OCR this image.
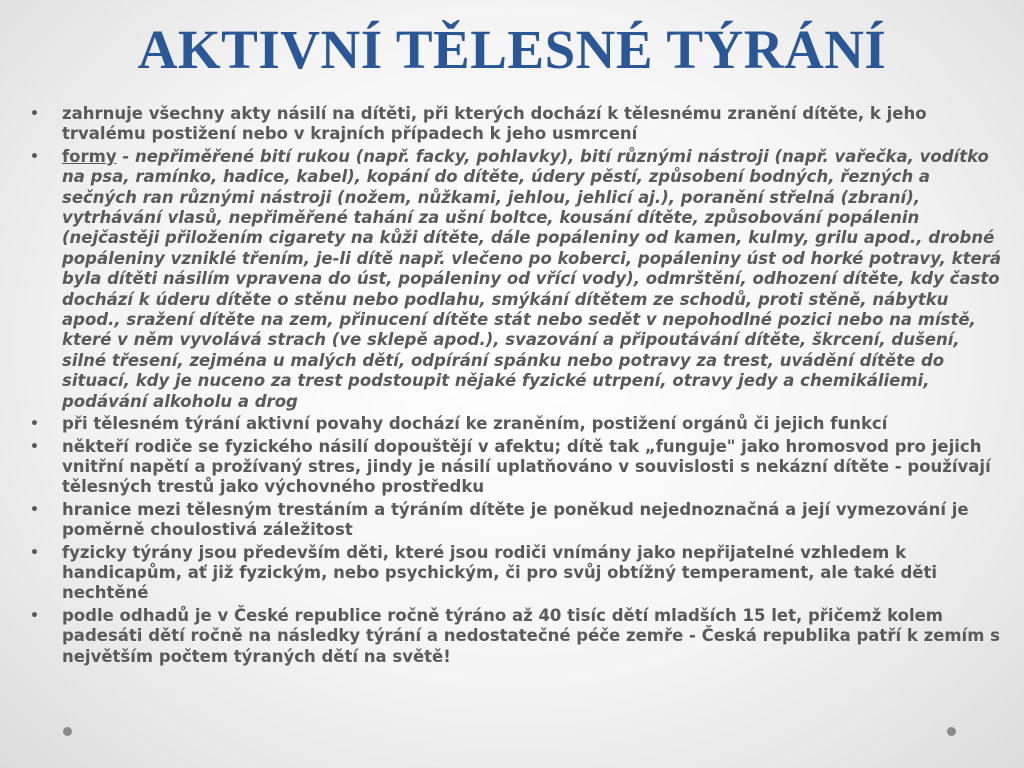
AKTIVNÍ TĚLESNÉ TÝRÁNÍ
• zahrnuje všechny akty násilí na dítěti, při kterých dochází k tělesnému zranění dítěte, k jeho trvalému postižení nebo v krajních případech k jeho usmrcení
• formy - nepřiměřené bití rukou (např. facky, pohlavky), bití různými nástroji (např. vařečka, vodítko na psa, ramínko, hadice, kabel), kopání do dítěte, údery pěstí, způsobení bodných, řezných a sečných ran různými nástroji (nožem, nůžkami, jehlou, jehlicí aj.), poranění střelná (zbraní), vytrhávání vlasů, nepřiměřené tahání za ušní boltce, kousání dítěte, způsobování popálenin (nejčastěji přiložením cigarety na kůži dítěte, dále popáleniny od kamen, kulmy, grilu apod., drobné popáleniny vzniklé třením, je-li dítě např. vlečeno po koberci, popáleniny úst od horké potravy, která byla dítěti násilím vpravena do úst, popáleniny od vřící vody), odmrštění, odhození dítěte, kdy často dochází k úderu dítěte o stěnu nebo podlahu, smýkání dítětem ze schodů, proti stěně, nábytku apod., sražení dítěte na zem, přinucení dítěte stát nebo sedět v nepohodlné pozici nebo na místě, které v něm vyvolává strach (ve sklepě apod.), svazování a připoutávání dítěte, škrcení, dušení, silné třesení, zejména u malých dětí, odpírání spánku nebo potravy za trest, uvádění dítěte do situací, kdy je nuceno za trest podstoupit nějaké fyzické utrpení, otravy jedy a chemikáliemi, podávání alkoholu a drog
• při tělesném týrání aktivní povahy dochází ke zraněním, postižení orgánů či jejich funkcí
• někteří rodiče se fyzického násilí dopouštějí v afektu; dítě tak „funguje" jako hromosvod pro jejich vnitřní napětí a prožívaný stres, jindy je násilí uplatňováno v souvislosti s nekázní dítěte - používají tělesných trestů jako výchovného prostředku
• hranice mezi tělesným trestáním a týráním dítěte je poněkud nejednoznačná a její vymezování je poměrně choulostivá záležitost
• fyzicky týrány jsou především děti, které jsou rodiči vnímány jako nepřijatelné vzhledem k handicapům, ať již fyzickým, nebo psychickým, či pro svůj obtížný temperament, ale také děti nechtěné
• podle odhadů je v České republice ročně týráno až 40 tisíc dětí mladších 15 let, přičemž kolem padesáti dětí ročně na následky týrání a nedostatečné péče zemře - Česká republika patří k zemím s největším počtem týraných dětí na světě!
